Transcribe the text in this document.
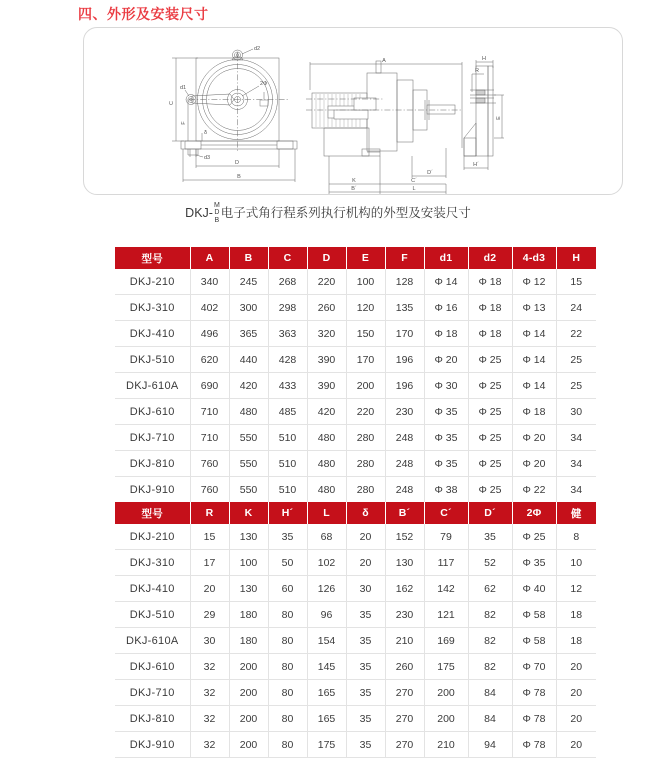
四、外形及安装尺寸
C
F
δ
d1
d2
d3
2Φ
D
B
A
D´
K	C´
B´	L
H
R
E
H´
DKJ-
M
D
B 电子式角行程系列执行机构的外型及安装尺寸
型号	A	B	C	D	E	F	d1	d2	4-d3	H
DKJ-210	340	245	268	220	100	128	Φ 14	Φ 18	Φ 12	15
DKJ-310	402	300	298	260	120	135	Φ 16	Φ 18	Φ 13	24
DKJ-410	496	365	363	320	150	170	Φ 18	Φ 18	Φ 14	22
DKJ-510	620	440	428	390	170	196	Φ 20	Φ 25	Φ 14	25
DKJ-610A	690	420	433	390	200	196	Φ 30	Φ 25	Φ 14	25
DKJ-610	710	480	485	420	220	230	Φ 35	Φ 25	Φ 18	30
DKJ-710	710	550	510	480	280	248	Φ 35	Φ 25	Φ 20	34
DKJ-810	760	550	510	480	280	248	Φ 35	Φ 25	Φ 20	34
DKJ-910	760	550	510	480	280	248	Φ 38	Φ 25	Φ 22	34
型号	R	K	H´	L	δ	B´	C´	D´	2Φ	健
DKJ-210	15	130	35	68	20	152	79	35	Φ 25	8
DKJ-310	17	100	50	102	20	130	117	52	Φ 35	10
DKJ-410	20	130	60	126	30	162	142	62	Φ 40	12
DKJ-510	29	180	80	96	35	230	121	82	Φ 58	18
DKJ-610A	30	180	80	154	35	210	169	82	Φ 58	18
DKJ-610	32	200	80	145	35	260	175	82	Φ 70	20
DKJ-710	32	200	80	165	35	270	200	84	Φ 78	20
DKJ-810	32	200	80	165	35	270	200	84	Φ 78	20
DKJ-910	32	200	80	175	35	270	210	94	Φ 78	20
